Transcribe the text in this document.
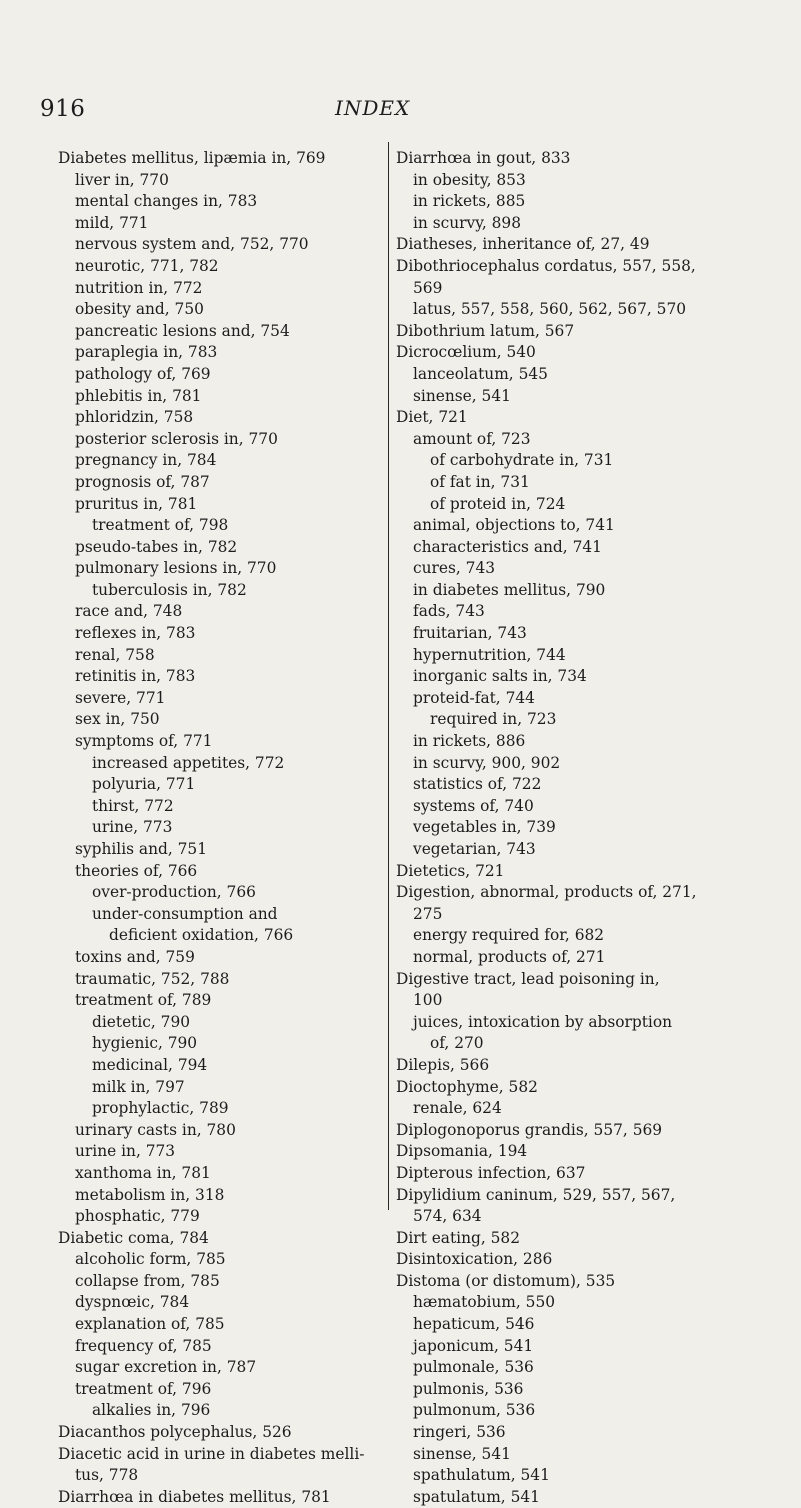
916	INDEX
Diabetes mellitus, lipæmia in, 769
liver in, 770
mental changes in, 783
mild, 771
nervous system and, 752, 770
neurotic, 771, 782
nutrition in, 772
obesity and, 750
pancreatic lesions and, 754
paraplegia in, 783
pathology of, 769
phlebitis in, 781
phloridzin, 758
posterior sclerosis in, 770
pregnancy in, 784
prognosis of, 787
pruritus in, 781
treatment of, 798
pseudo-tabes in, 782
pulmonary lesions in, 770
tuberculosis in, 782
race and, 748
reflexes in, 783
renal, 758
retinitis in, 783
severe, 771
sex in, 750
symptoms of, 771
increased appetites, 772
polyuria, 771
thirst, 772
urine, 773
syphilis and, 751
theories of, 766
over-production, 766
under-consumption and
deficient oxidation, 766
toxins and, 759
traumatic, 752, 788
treatment of, 789
dietetic, 790
hygienic, 790
medicinal, 794
milk in, 797
prophylactic, 789
urinary casts in, 780
urine in, 773
xanthoma in, 781
metabolism in, 318
phosphatic, 779
Diabetic coma, 784
alcoholic form, 785
collapse from, 785
dyspnœic, 784
explanation of, 785
frequency of, 785
sugar excretion in, 787
treatment of, 796
alkalies in, 796
Diacanthos polycephalus, 526
Diacetic acid in urine in diabetes melli-
tus, 778
Diarrhœa in diabetes mellitus, 781
Diarrhœa in gout, 833
in obesity, 853
in rickets, 885
in scurvy, 898
Diatheses, inheritance of, 27, 49
Dibothriocephalus cordatus, 557, 558,
569
latus, 557, 558, 560, 562, 567, 570
Dibothrium latum, 567
Dicrocœlium, 540
lanceolatum, 545
sinense, 541
Diet, 721
amount of, 723
of carbohydrate in, 731
of fat in, 731
of proteid in, 724
animal, objections to, 741
characteristics and, 741
cures, 743
in diabetes mellitus, 790
fads, 743
fruitarian, 743
hypernutrition, 744
inorganic salts in, 734
proteid-fat, 744
required in, 723
in rickets, 886
in scurvy, 900, 902
statistics of, 722
systems of, 740
vegetables in, 739
vegetarian, 743
Dietetics, 721
Digestion, abnormal, products of, 271,
275
energy required for, 682
normal, products of, 271
Digestive tract, lead poisoning in,
100
juices, intoxication by absorption
of, 270
Dilepis, 566
Dioctophyme, 582
renale, 624
Diplogonoporus grandis, 557, 569
Dipsomania, 194
Dipterous infection, 637
Dipylidium caninum, 529, 557, 567,
574, 634
Dirt eating, 582
Disintoxication, 286
Distoma (or distomum), 535
hæmatobium, 550
hepaticum, 546
japonicum, 541
pulmonale, 536
pulmonis, 536
pulmonum, 536
ringeri, 536
sinense, 541
spathulatum, 541
spatulatum, 541
